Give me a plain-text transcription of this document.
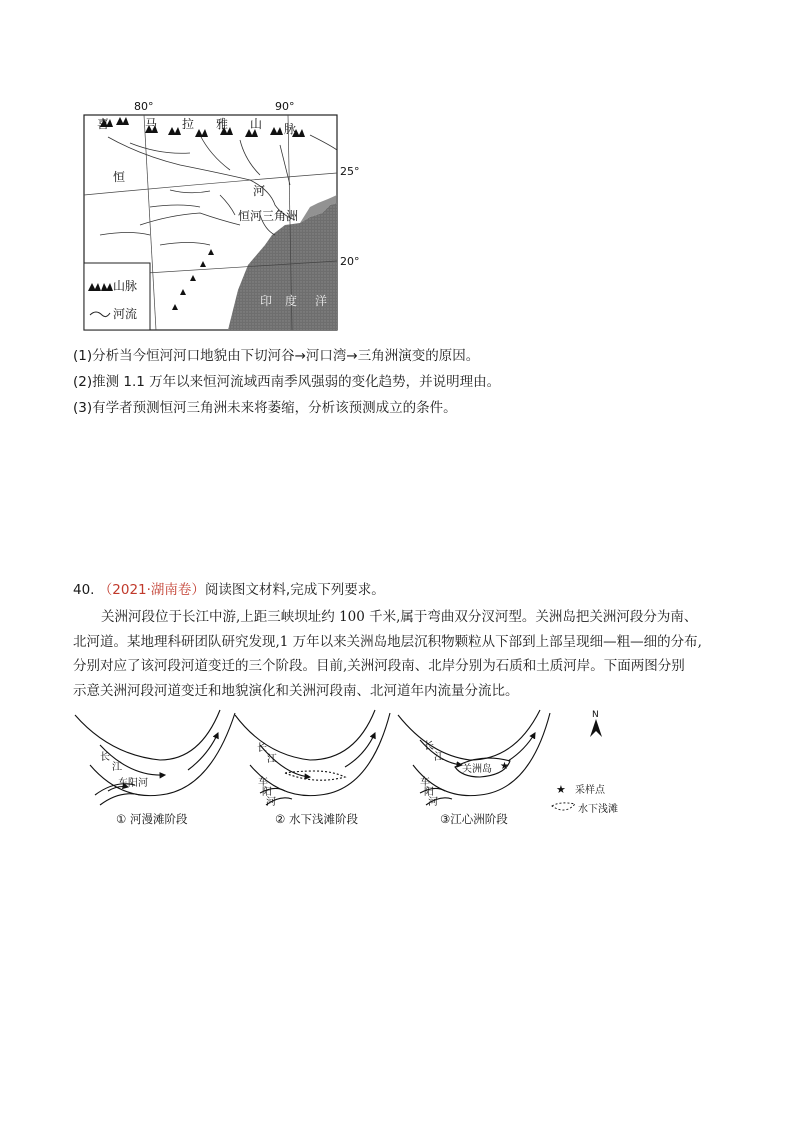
80°	90°
25°
20°
喜	马 拉 雅 山 脉
恒
河
恒河三角洲
印 度 洋
山脉
河流
(1)分析当今恒河河口地貌由下切河谷→河口湾→三角洲演变的原因。
(2)推测 1.1 万年以来恒河流域西南季风强弱的变化趋势，并说明理由。
(3)有学者预测恒河三角洲未来将萎缩，分析该预测成立的条件。
40. （2021·湖南卷）阅读图文材料,完成下列要求。
关洲河段位于长江中游,上距三峡坝址约 100 千米,属于弯曲双分汊河型。关洲岛把关洲河段分为南、
北河道。某地理科研团队研究发现,1 万年以来关洲岛地层沉积物颗粒从下部到上部呈现细—粗—细的分布,
分别对应了该河段河道变迁的三个阶段。目前,关洲河段南、北岸分别为石质和土质河岸。下面两图分别
示意关洲河段河道变迁和地貌演化和关洲河段南、北河道年内流量分流比。
长
江
车阳河
① 河漫滩阶段
长
江
车
阳
河
② 水下浅滩阶段
长
江
关洲岛 ★
车
阳
河
③江心洲阶段
N
★ 采样点
水下浅滩
